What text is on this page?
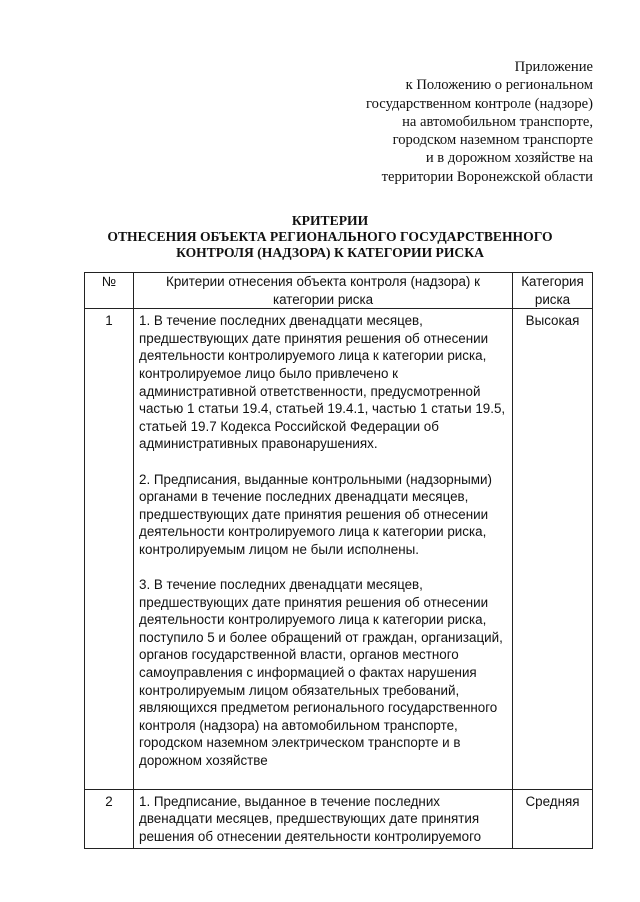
Приложение
к Положению о региональном
государственном контроле (надзоре)
на автомобильном транспорте,
городском наземном транспорте
и в дорожном хозяйстве на
территории Воронежской области
КРИТЕРИИ
ОТНЕСЕНИЯ ОБЪЕКТА РЕГИОНАЛЬНОГО ГОСУДАРСТВЕННОГО
КОНТРОЛЯ (НАДЗОРА) К КАТЕГОРИИ РИСКА
№	Критерии отнесения объекта контроля (надзора) к категории риска	Категория риска
1	1. В течение последних двенадцати месяцев, предшествующих дате принятия решения об отнесении деятельности контролируемого лица к категории риска, контролируемое лицо было привлечено к административной ответственности, предусмотренной частью 1 статьи 19.4, статьей 19.4.1, частью 1 статьи 19.5, статьей 19.7 Кодекса Российской Федерации об административных правонарушениях.
2. Предписания, выданные контрольными (надзорными) органами в течение последних двенадцати месяцев, предшествующих дате принятия решения об отнесении деятельности контролируемого лица к категории риска, контролируемым лицом не были исполнены.
3. В течение последних двенадцати месяцев, предшествующих дате принятия решения об отнесении деятельности контролируемого лица к категории риска, поступило 5 и более обращений от граждан, организаций, органов государственной власти, органов местного самоуправления с информацией о фактах нарушения контролируемым лицом обязательных требований, являющихся предметом регионального государственного контроля (надзора) на автомобильном транспорте, городском наземном электрическом транспорте и в дорожном хозяйстве	Высокая
2	1. Предписание, выданное в течение последних двенадцати месяцев, предшествующих дате принятия решения об отнесении деятельности контролируемого	Средняя
